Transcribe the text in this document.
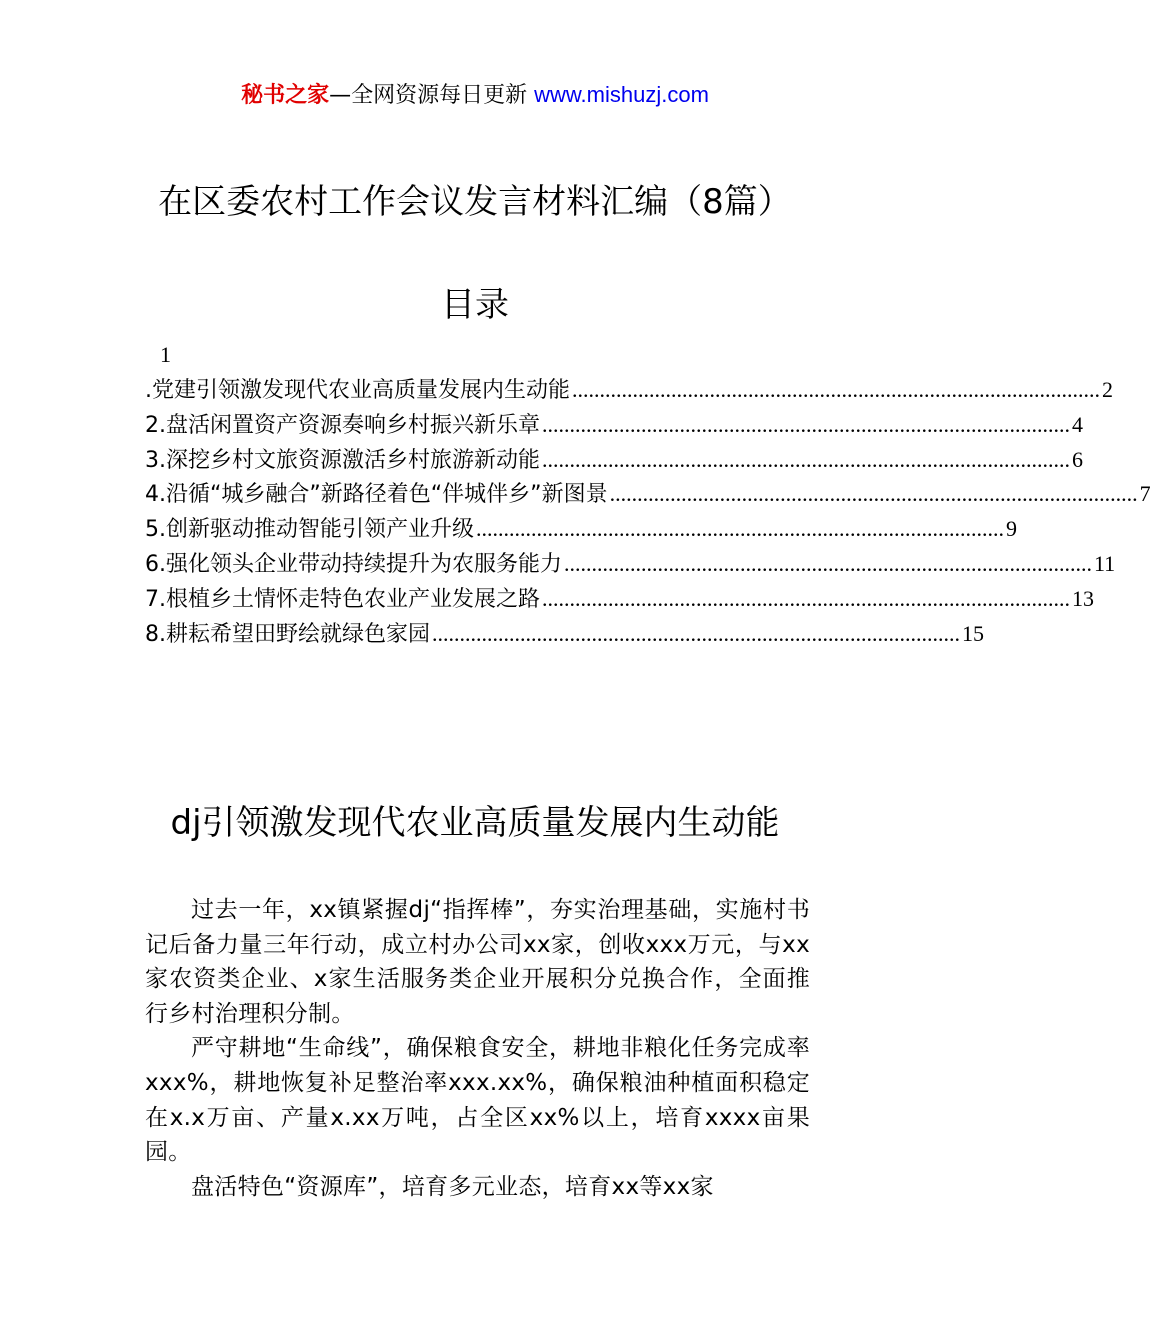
秘书之家—全网资源每日更新 www.mishuzj.com
在区委农村工作会议发言材料汇编（8篇）
目录
1
.党建引领激发现代农业高质量发展内生动能 ................................................................................................ 2
2.盘活闲置资产资源奏响乡村振兴新乐章 ................................................................................................ 4
3.深挖乡村文旅资源激活乡村旅游新动能 ................................................................................................ 6
4.沿循“城乡融合”新路径着色“伴城伴乡”新图景 ................................................................................................ 7
5.创新驱动推动智能引领产业升级 ................................................................................................ 9
6.强化领头企业带动持续提升为农服务能力 ................................................................................................ 11
7.根植乡土情怀走特色农业产业发展之路 ................................................................................................ 13
8.耕耘希望田野绘就绿色家园 ................................................................................................ 15
dj引领激发现代农业高质量发展内生动能

过去一年，xx镇紧握dj“指挥棒”，夯实治理基础，实施村书记后备力量三年行动，成立村办公司xx家，创收xxx万元，与xx家农资类企业、x家生活服务类企业开展积分兑换合作，全面推行乡村治理积分制。

严守耕地“生命线”，确保粮食安全，耕地非粮化任务完成率xxx%，耕地恢复补足整治率xxx.xx%，确保粮油种植面积稳定在x.x万亩、产量x.xx万吨，占全区xx%以上，培育xxxx亩果园。

盘活特色“资源库”，培育多元业态，培育xx等xx家
